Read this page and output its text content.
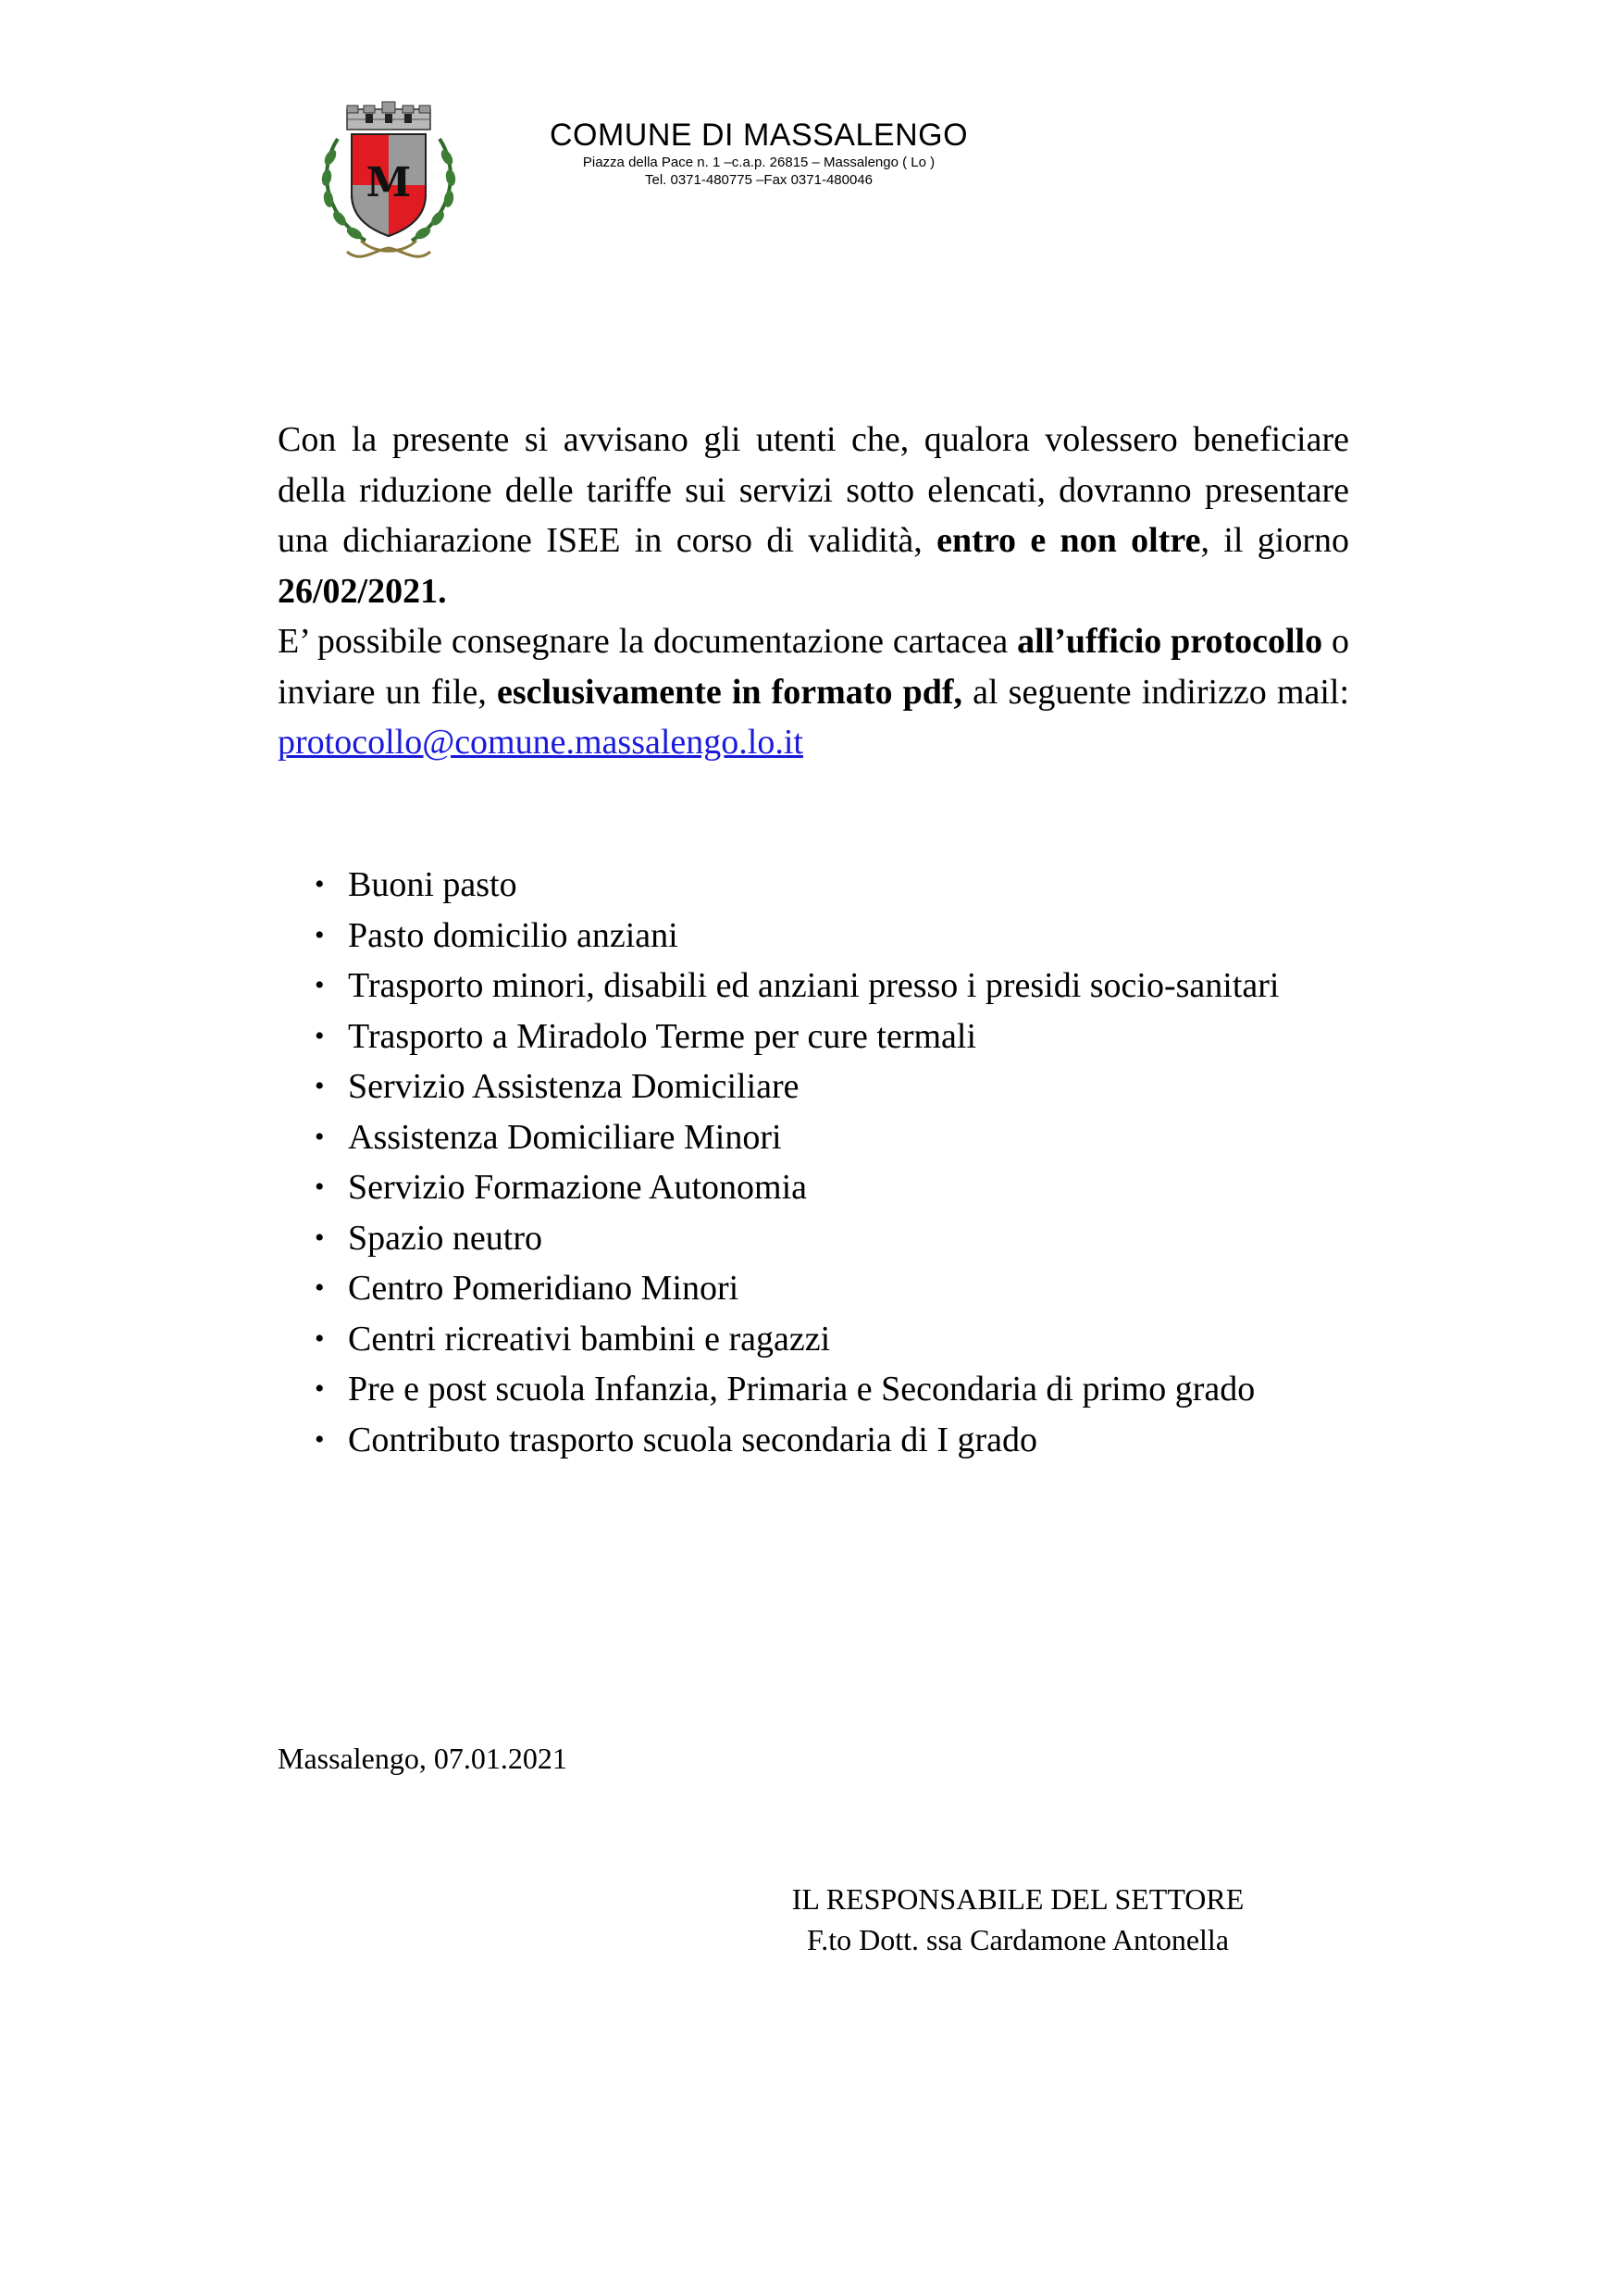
M
COMUNE DI MASSALENGO
Piazza della Pace n. 1 –c.a.p. 26815 – Massalengo ( Lo )
Tel. 0371-480775 –Fax 0371-480046

Con la presente si avvisano gli utenti che, qualora volessero beneficiare della riduzione delle tariffe sui servizi sotto elencati, dovranno presentare una dichiarazione ISEE in corso di validità, entro e non oltre, il giorno 26/02/2021.

E’ possibile consegnare la documentazione cartacea all’ufficio protocollo o inviare un file, esclusivamente in formato pdf, al seguente indirizzo mail: protocollo@comune.massalengo.lo.it

• Buoni pasto
• Pasto domicilio anziani
• Trasporto minori, disabili ed anziani presso i presidi socio-sanitari
• Trasporto a Miradolo Terme per cure termali
• Servizio Assistenza Domiciliare
• Assistenza Domiciliare Minori
• Servizio Formazione Autonomia
• Spazio neutro
• Centro Pomeridiano Minori
• Centri ricreativi bambini e ragazzi
• Pre e post scuola Infanzia, Primaria e Secondaria di primo grado
• Contributo trasporto scuola secondaria di I grado
Massalengo, 07.01.2021
IL RESPONSABILE DEL SETTORE
F.to Dott. ssa Cardamone Antonella
